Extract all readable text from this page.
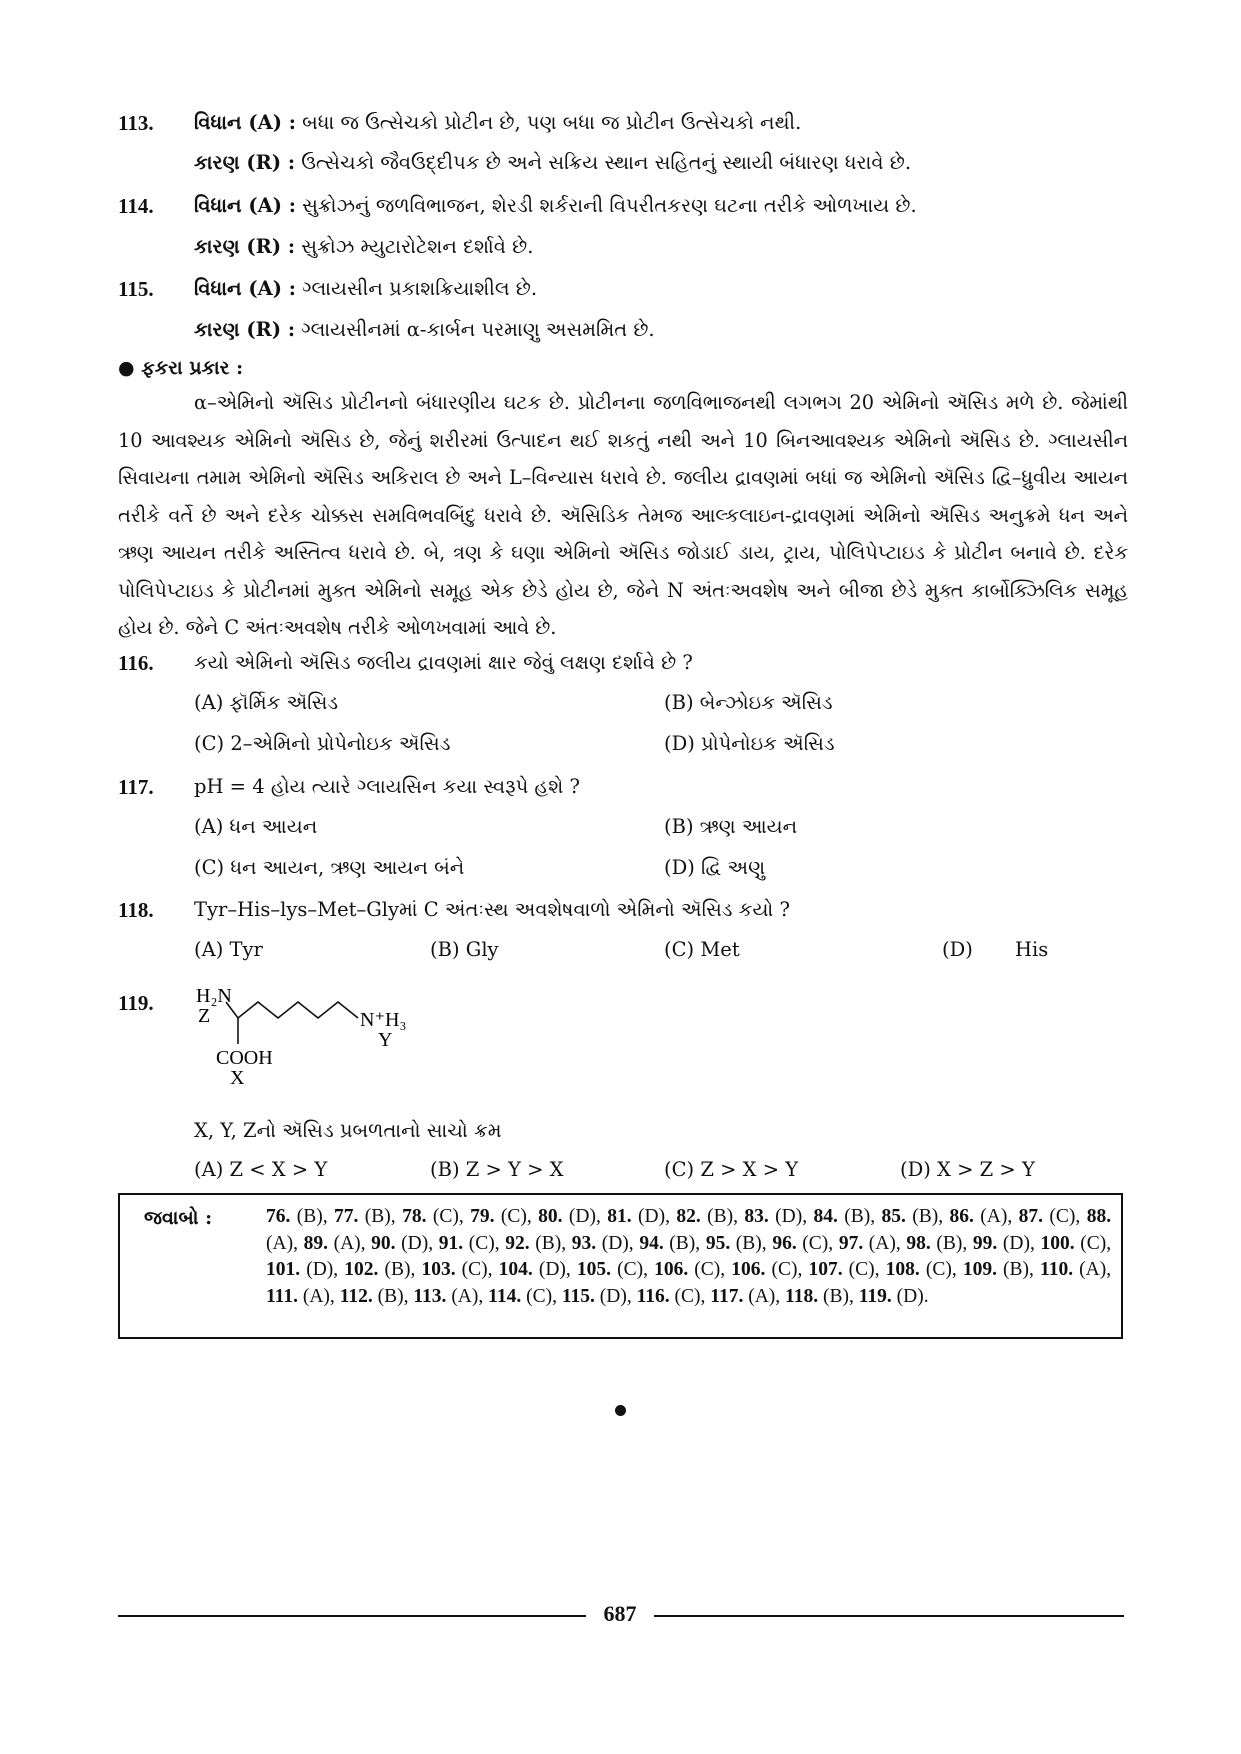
113. વિધાન (A) : બધા જ ઉત્સેચકો પ્રોટીન છે, પણ બધા જ પ્રોટીન ઉત્સેચકો નથી.
કારણ (R) : ઉત્સેચકો જૈવઉદ્દીપક છે અને સક્રિય સ્થાન સહિતનું સ્થાયી બંધારણ ધરાવે છે.
114. વિધાન (A) : સુક્રોઝનું જળવિભાજન, શેરડી શર્કરાની વિપરીતકરણ ઘટના તરીકે ઓળખાય છે.
કારણ (R) : સુક્રોઝ મ્યુટારોટેશન દર્શાવે છે.
115. વિધાન (A) : ગ્લાયસીન પ્રકાશક્રિયાશીલ છે.
કારણ (R) : ગ્લાયસીનમાં α-કાર્બન પરમાણુ અસમમિત છે.
● ફકરા પ્રકાર :

α–એમિનો ઍસિડ પ્રોટીનનો બંધારણીય ઘટક છે. પ્રોટીનના જળવિભાજનથી લગભગ 20 એમિનો ઍસિડ મળે છે. જેમાંથી 10 આવશ્યક એમિનો ઍસિડ છે, જેનું શરીરમાં ઉત્પાદન થઈ શકતું નથી અને 10 બિનઆવશ્યક એમિનો ઍસિડ છે. ગ્લાયસીન સિવાયના તમામ એમિનો ઍસિડ અકિરાલ છે અને L–વિન્યાસ ધરાવે છે. જલીય દ્રાવણમાં બધાં જ એમિનો ઍસિડ દ્વિ–ધ્રુવીય આયન તરીકે વર્તે છે અને દરેક ચોક્કસ સમવિભવબિંદુ ધરાવે છે. ઍસિડિક તેમજ આલ્કલાઇન-દ્રાવણમાં એમિનો ઍસિડ અનુક્રમે ધન અને ઋણ આયન તરીકે અસ્તિત્વ ધરાવે છે. બે, ત્રણ કે ઘણા એમિનો ઍસિડ જોડાઈ ડાય, ટ્રાય, પોલિપેપ્ટાઇડ કે પ્રોટીન બનાવે છે. દરેક પોલિપેપ્ટાઇડ કે પ્રોટીનમાં મુક્ત એમિનો સમૂહ એક છેડે હોય છે, જેને N અંતઃઅવશેષ અને બીજા છેડે મુક્ત કાર્બોક્ઝિલિક સમૂહ હોય છે. જેને C અંતઃઅવશેષ તરીકે ઓળખવામાં આવે છે.

116. કયો એમિનો ઍસિડ જલીય દ્રાવણમાં ક્ષાર જેવું લક્ષણ દર્શાવે છે ?
(A) ફૉર્મિક ઍસિડ	(B) બેન્ઝોઇક ઍસિડ
(C) 2–એમિનો પ્રોપેનોઇક ઍસિડ	(D) પ્રોપેનોઇક ઍસિડ
117. pH = 4 હોય ત્યારે ગ્લાયસિન કયા સ્વરૂપે હશે ?
(A) ધન આયન	(B) ઋણ આયન
(C) ધન આયન, ઋણ આયન બંને	(D) દ્વિ અણુ
118. Tyr–His–lys–Met–Glyમાં C અંતઃસ્થ અવશેષવાળો એમિનો ઍસિડ કયો ?
(A) Tyr	(B) Gly	(C) Met	(D) His
119. H₂N
Z	N⁺H₃
Y
COOH
X
X, Y, Zનો ઍસિડ પ્રબળતાનો સાચો ક્રમ
(A) Z < X > Y	(B) Z > Y > X	(C) Z > X > Y	(D) X > Z > Y
જવાબો :	76. (B), 77. (B), 78. (C), 79. (C), 80. (D), 81. (D), 82. (B), 83. (D), 84. (B), 85. (B), 86. (A), 87. (C), 88. (A), 89. (A), 90. (D), 91. (C), 92. (B), 93. (D), 94. (B), 95. (B), 96. (C), 97. (A), 98. (B), 99. (D), 100. (C), 101. (D), 102. (B), 103. (C), 104. (D), 105. (C), 106. (C), 106. (C), 107. (C), 108. (C), 109. (B), 110. (A), 111. (A), 112. (B), 113. (A), 114. (C), 115. (D), 116. (C), 117. (A), 118. (B), 119. (D).
687
